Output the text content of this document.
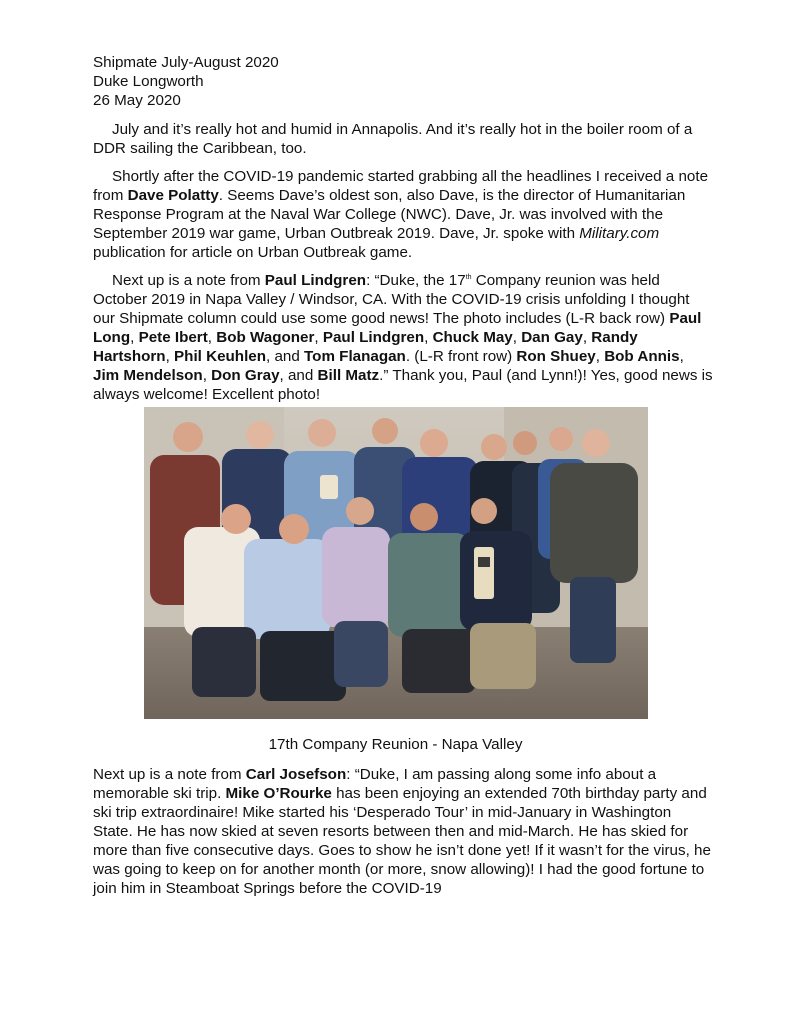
Shipmate July-August 2020
Duke Longworth
26 May 2020

July and it’s really hot and humid in Annapolis. And it’s really hot in the boiler room of a DDR sailing the Caribbean, too.

Shortly after the COVID-19 pandemic started grabbing all the headlines I received a note from Dave Polatty. Seems Dave’s oldest son, also Dave, is the director of Humanitarian Response Program at the Naval War College (NWC). Dave, Jr. was involved with the September 2019 war game, Urban Outbreak 2019. Dave, Jr. spoke with Military.com publication for article on Urban Outbreak game.

Next up is a note from Paul Lindgren: “Duke, the 17th Company reunion was held October 2019 in Napa Valley / Windsor, CA. With the COVID-19 crisis unfolding I thought our Shipmate column could use some good news! The photo includes (L-R back row) Paul Long, Pete Ibert, Bob Wagoner, Paul Lindgren, Chuck May, Dan Gay, Randy Hartshorn, Phil Keuhlen, and Tom Flanagan. (L-R front row) Ron Shuey, Bob Annis, Jim Mendelson, Don Gray, and Bill Matz.” Thank you, Paul (and Lynn!)! Yes, good news is always welcome! Excellent photo!

17th Company Reunion - Napa Valley

Next up is a note from Carl Josefson: “Duke, I am passing along some info about a memorable ski trip. Mike O’Rourke has been enjoying an extended 70th birthday party and ski trip extraordinaire! Mike started his ‘Desperado Tour’ in mid-January in Washington State. He has now skied at seven resorts between then and mid-March. He has skied for more than five consecutive days. Goes to show he isn’t done yet! If it wasn’t for the virus, he was going to keep on for another month (or more, snow allowing)! I had the good fortune to join him in Steamboat Springs before the COVID-19
